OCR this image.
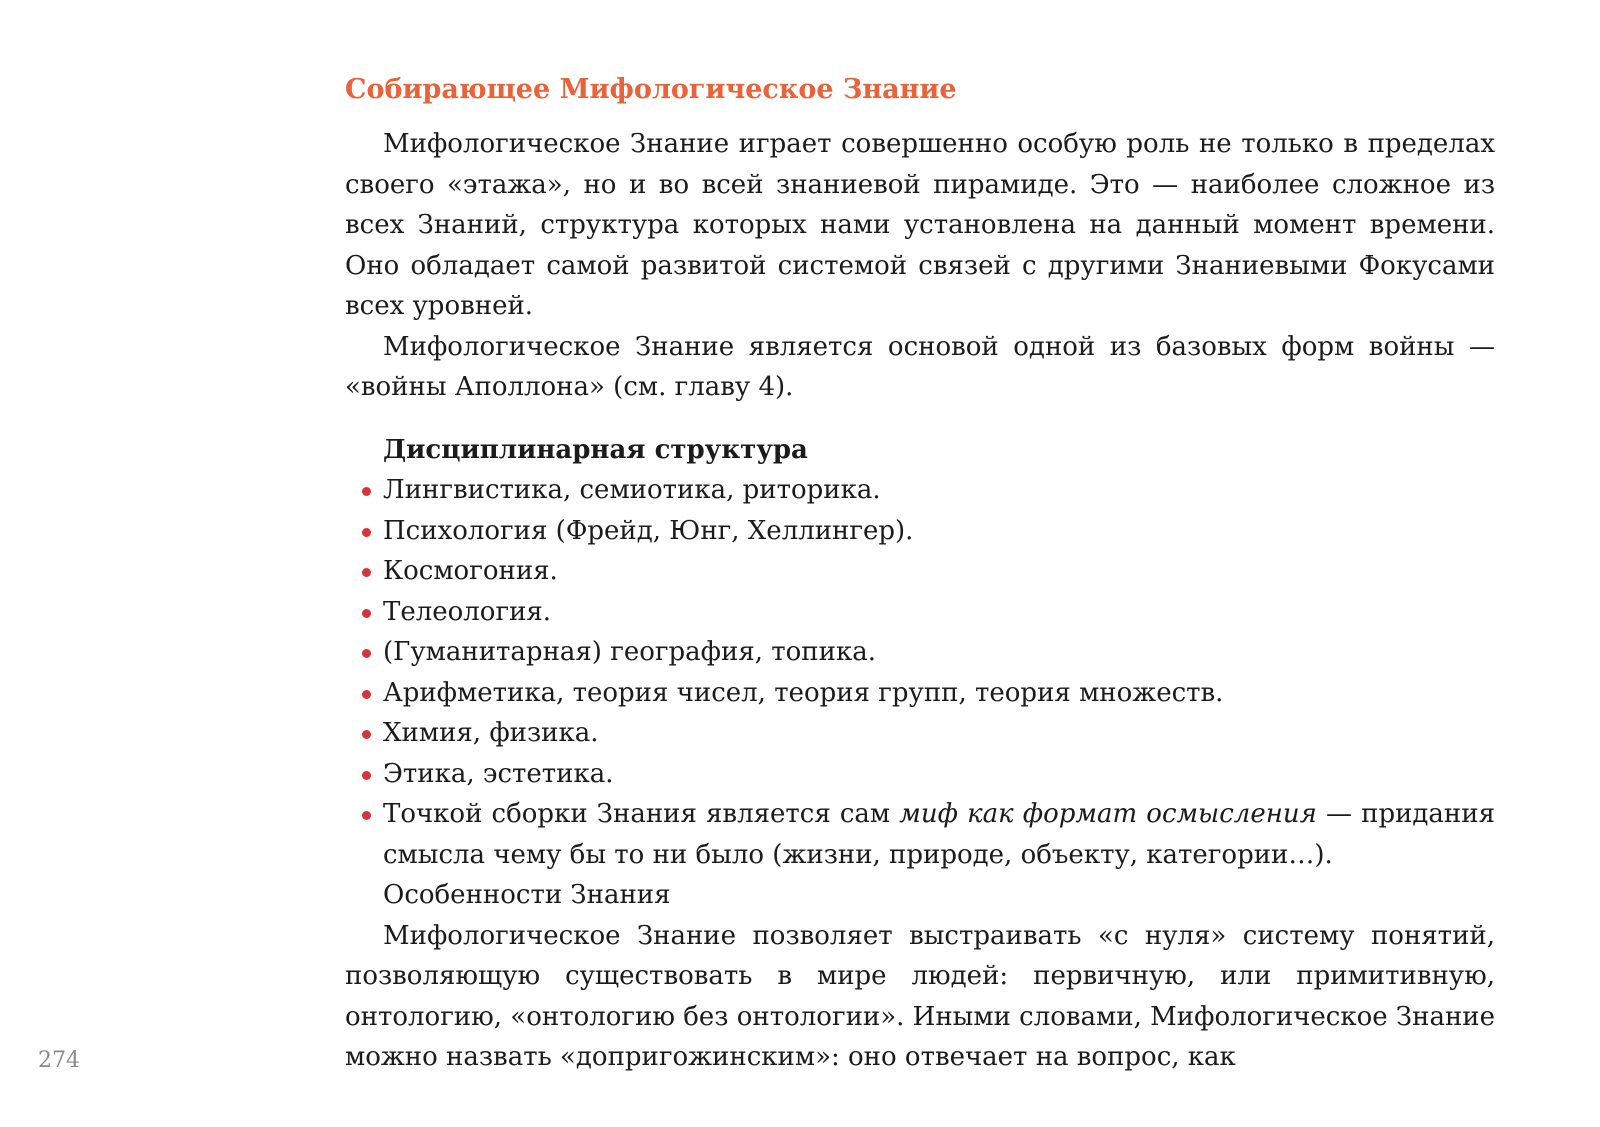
Собирающее Мифологическое Знание

Мифологическое Знание играет совершенно особую роль не только в пределах своего «этажа», но и во всей знаниевой пирамиде. Это — наиболее сложное из всех Знаний, структура которых нами установлена на данный момент времени. Оно обладает самой развитой системой связей с другими Знаниевыми Фокусами всех уровней.

Мифологическое Знание является основой одной из базовых форм войны — «войны Аполлона» (см. главу 4).

Дисциплинарная структура
Лингвистика, семиотика, риторика.
Психология (Фрейд, Юнг, Хеллингер).
Космогония.
Телеология.
(Гуманитарная) география, топика.
Арифметика, теория чисел, теория групп, теория множеств.
Химия, физика.
Этика, эстетика.
Точкой сборки Знания является сам миф как формат осмысления — придания смысла чему бы то ни было (жизни, природе, объекту, категории…).
Особенности Знания

Мифологическое Знание позволяет выстраивать «с нуля» систему понятий, позволяющую существовать в мире людей: первичную, или примитивную, онтологию, «онтологию без онтологии». Иными словами, Мифологическое Знание можно назвать «допригожинским»: оно отвечает на вопрос, как

274
